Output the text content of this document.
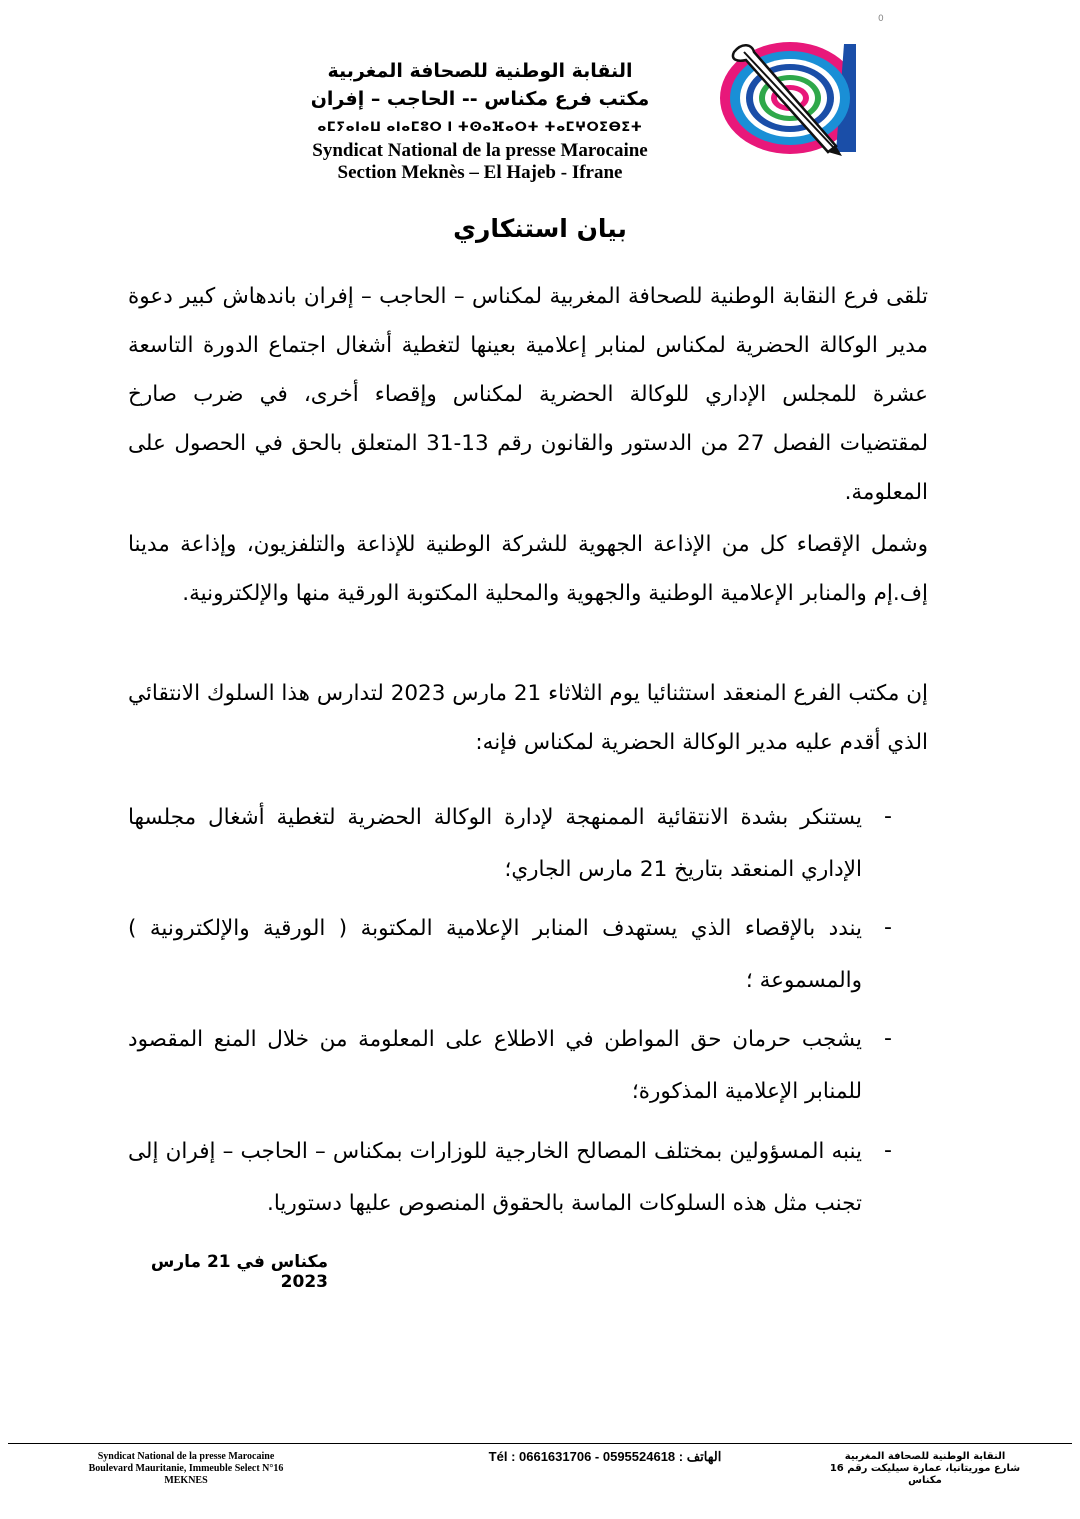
0
النقابة الوطنية للصحافة المغربية
مكتب فرع مكناس -- الحاجب – إفران
ⴰⵎⵢⴰⵏⴰⵡ ⴰⵏⴰⵎⵓⵔ ⵏ ⵜⵙⴰⴼⴰⵔⵜ ⵜⴰⵎⵖⵔⵉⴱⵉⵜ
Syndicat National de la presse Marocaine
Section Meknès – El Hajeb - Ifrane
بيان استنكاري
تلقى فرع النقابة الوطنية للصحافة المغربية لمكناس – الحاجب – إفران باندهاش كبير دعوة مدير الوكالة الحضرية لمكناس لمنابر إعلامية بعينها لتغطية أشغال اجتماع الدورة التاسعة عشرة للمجلس الإداري للوكالة الحضرية لمكناس وإقصاء أخرى، في ضرب صارخ لمقتضيات الفصل 27 من الدستور والقانون رقم 13-31 المتعلق بالحق في الحصول على المعلومة.
وشمل الإقصاء كل من الإذاعة الجهوية للشركة الوطنية للإذاعة والتلفزيون، وإذاعة مدينا إف.إم والمنابر الإعلامية الوطنية والجهوية والمحلية المكتوبة الورقية منها والإلكترونية.
إن مكتب الفرع المنعقد استثنائيا يوم الثلاثاء 21 مارس 2023 لتدارس هذا السلوك الانتقائي الذي أقدم عليه مدير الوكالة الحضرية لمكناس فإنه:
-
يستنكر بشدة الانتقائية الممنهجة لإدارة الوكالة الحضرية لتغطية أشغال مجلسها الإداري المنعقد بتاريخ 21 مارس الجاري؛
-
يندد بالإقصاء الذي يستهدف المنابر الإعلامية المكتوبة ( الورقية والإلكترونية ) والمسموعة ؛
-
يشجب حرمان حق المواطن في الاطلاع على المعلومة من خلال المنع المقصود للمنابر الإعلامية المذكورة؛
-
ينبه المسؤولين بمختلف المصالح الخارجية للوزارات بمكناس – الحاجب – إفران إلى تجنب مثل هذه السلوكات الماسة بالحقوق المنصوص عليها دستوريا.
مكناس في 21 مارس 2023
Syndicat National de la presse Marocaine
Boulevard Mauritanie, Immeuble Select N°16
MEKNES
Tél : 0661631706 - 0595524618 : الهاتف	النقابة الوطنية للصحافة المغربية
شارع موريتانيا، عمارة سيليكت رقم 16
مكناس
